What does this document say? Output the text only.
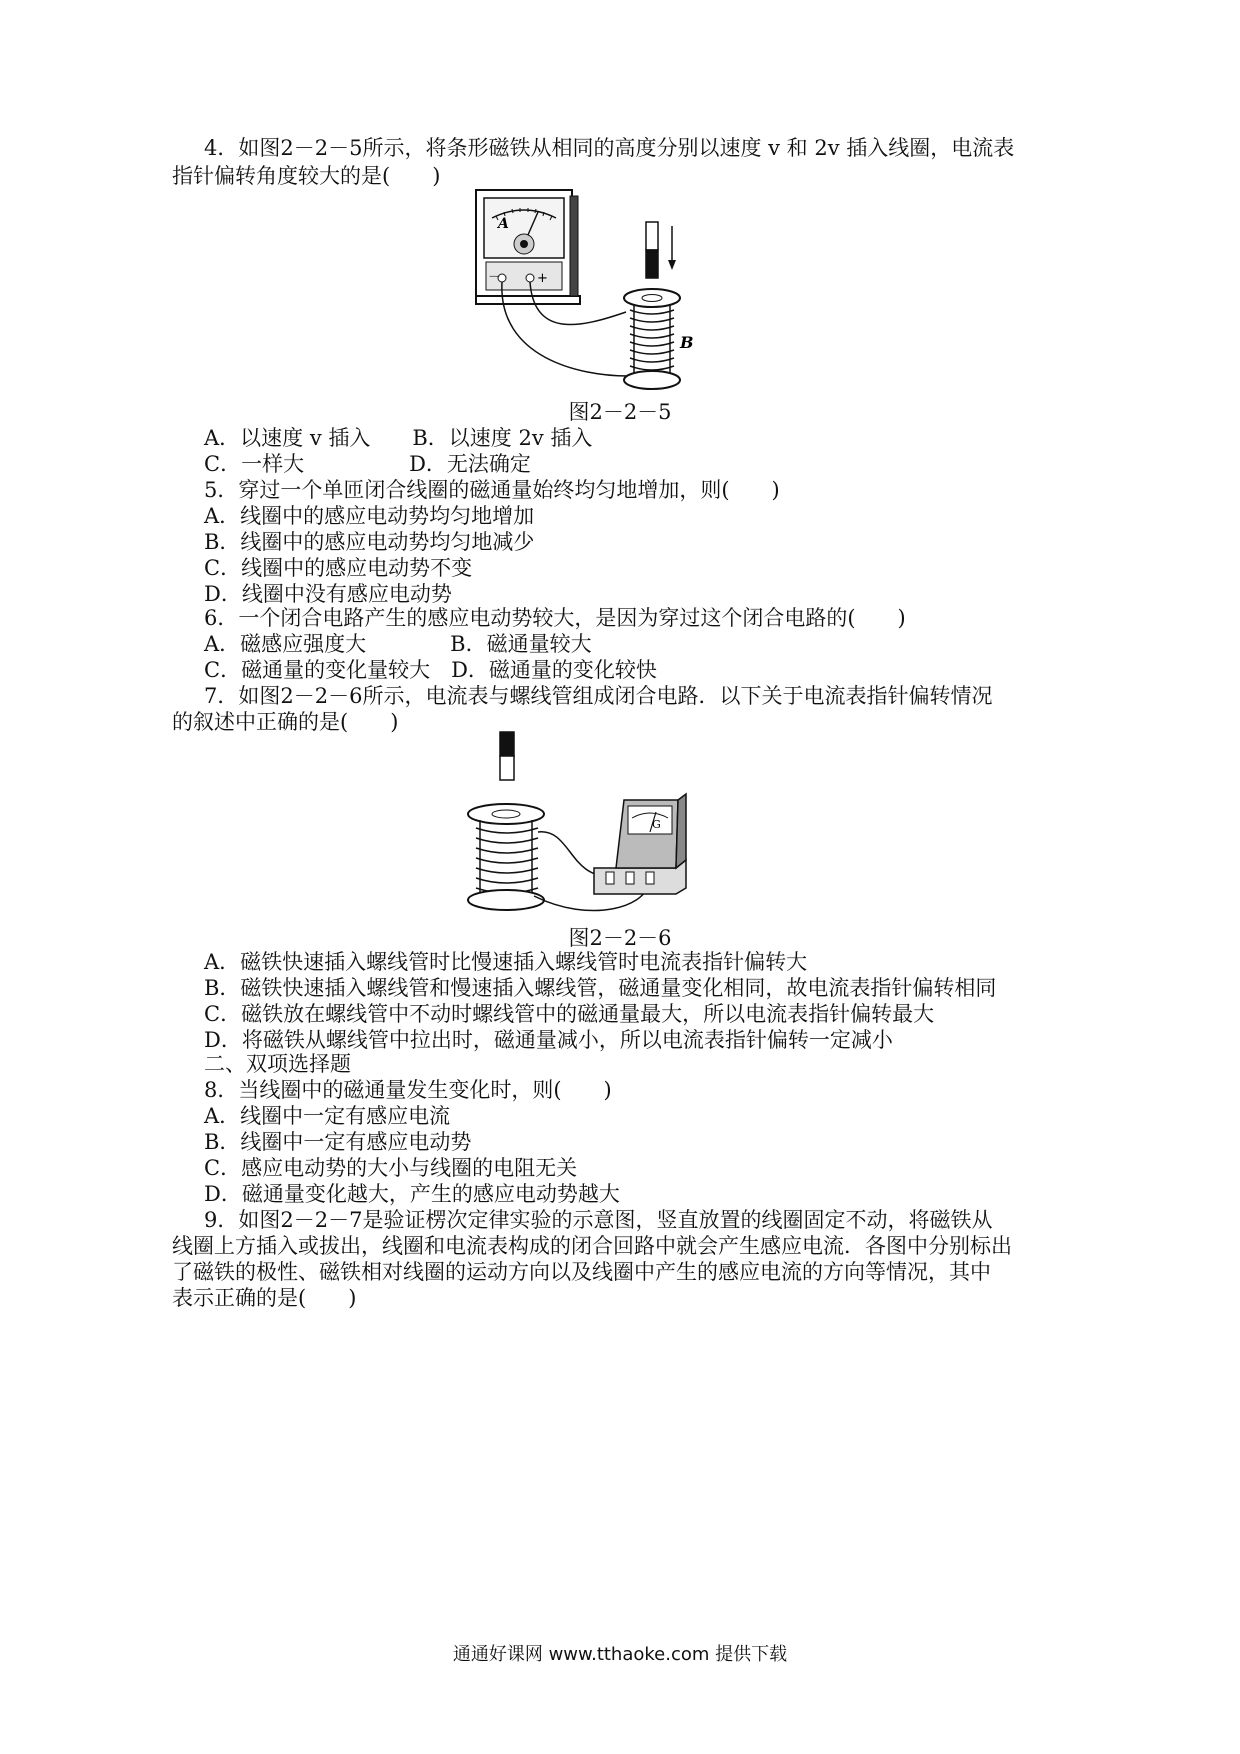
4．如图2－2－5所示，将条形磁铁从相同的高度分别以速度 v 和 2v 插入线圈，电流表
指针偏转角度较大的是(　　)
A
－	+
B
图2－2－5
A．以速度 v 插入　　B．以速度 2v 插入
C．一样大　　　　　D．无法确定
5．穿过一个单匝闭合线圈的磁通量始终均匀地增加，则(　　)
A．线圈中的感应电动势均匀地增加
B．线圈中的感应电动势均匀地减少
C．线圈中的感应电动势不变
D．线圈中没有感应电动势
6．一个闭合电路产生的感应电动势较大，是因为穿过这个闭合电路的(　　)
A．磁感应强度大　　　　B．磁通量较大
C．磁通量的变化量较大　D．磁通量的变化较快
7．如图2－2－6所示，电流表与螺线管组成闭合电路．以下关于电流表指针偏转情况
的叙述中正确的是(　　)
G
图2－2－6
A．磁铁快速插入螺线管时比慢速插入螺线管时电流表指针偏转大
B．磁铁快速插入螺线管和慢速插入螺线管，磁通量变化相同，故电流表指针偏转相同
C．磁铁放在螺线管中不动时螺线管中的磁通量最大，所以电流表指针偏转最大
D．将磁铁从螺线管中拉出时，磁通量减小，所以电流表指针偏转一定减小
二、双项选择题
8．当线圈中的磁通量发生变化时，则(　　)
A．线圈中一定有感应电流
B．线圈中一定有感应电动势
C．感应电动势的大小与线圈的电阻无关
D．磁通量变化越大，产生的感应电动势越大
9．如图2－2－7是验证楞次定律实验的示意图，竖直放置的线圈固定不动，将磁铁从
线圈上方插入或拔出，线圈和电流表构成的闭合回路中就会产生感应电流．各图中分别标出
了磁铁的极性、磁铁相对线圈的运动方向以及线圈中产生的感应电流的方向等情况，其中
表示正确的是(　　)
通通好课网 www.tthaoke.com 提供下载
